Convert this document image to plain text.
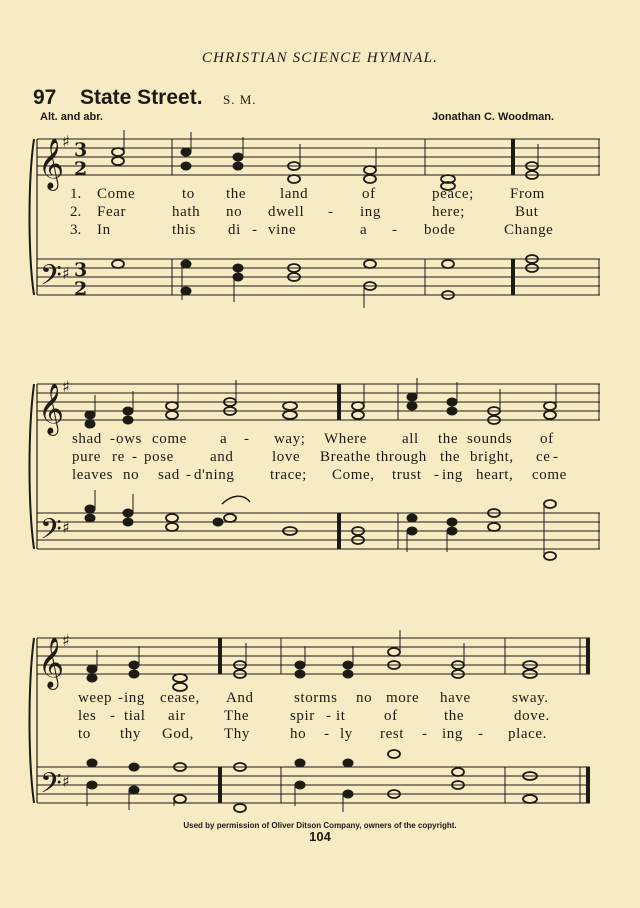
CHRISTIAN SCIENCE HYMNAL.
97 State Street. S. M.
Alt. and abr.	Jonathan C. Woodman.
𝄞
𝄢
♯
♯
3
2
3
2
1. Come	to the land	of	peace; From
2. Fear	hath no dwell - ing	here;	But
3. In	this di - vine	a - bode	Change
𝄞
𝄢
♯
♯
shad - ows come a - way; Where all the sounds of
pure re - pose and	love Breathe through the bright, ce -
leaves no sad - d'ning trace; Come, trust - ing heart, come
𝄞
𝄢
♯
♯
weep - ing cease, And	storms no more have	sway.
les - tial air	The	spir - it	of	the	dove.
to thy God, Thy	ho - ly rest - ing - place.
Used by permission of Oliver Ditson Company, owners of the copyright.
104
